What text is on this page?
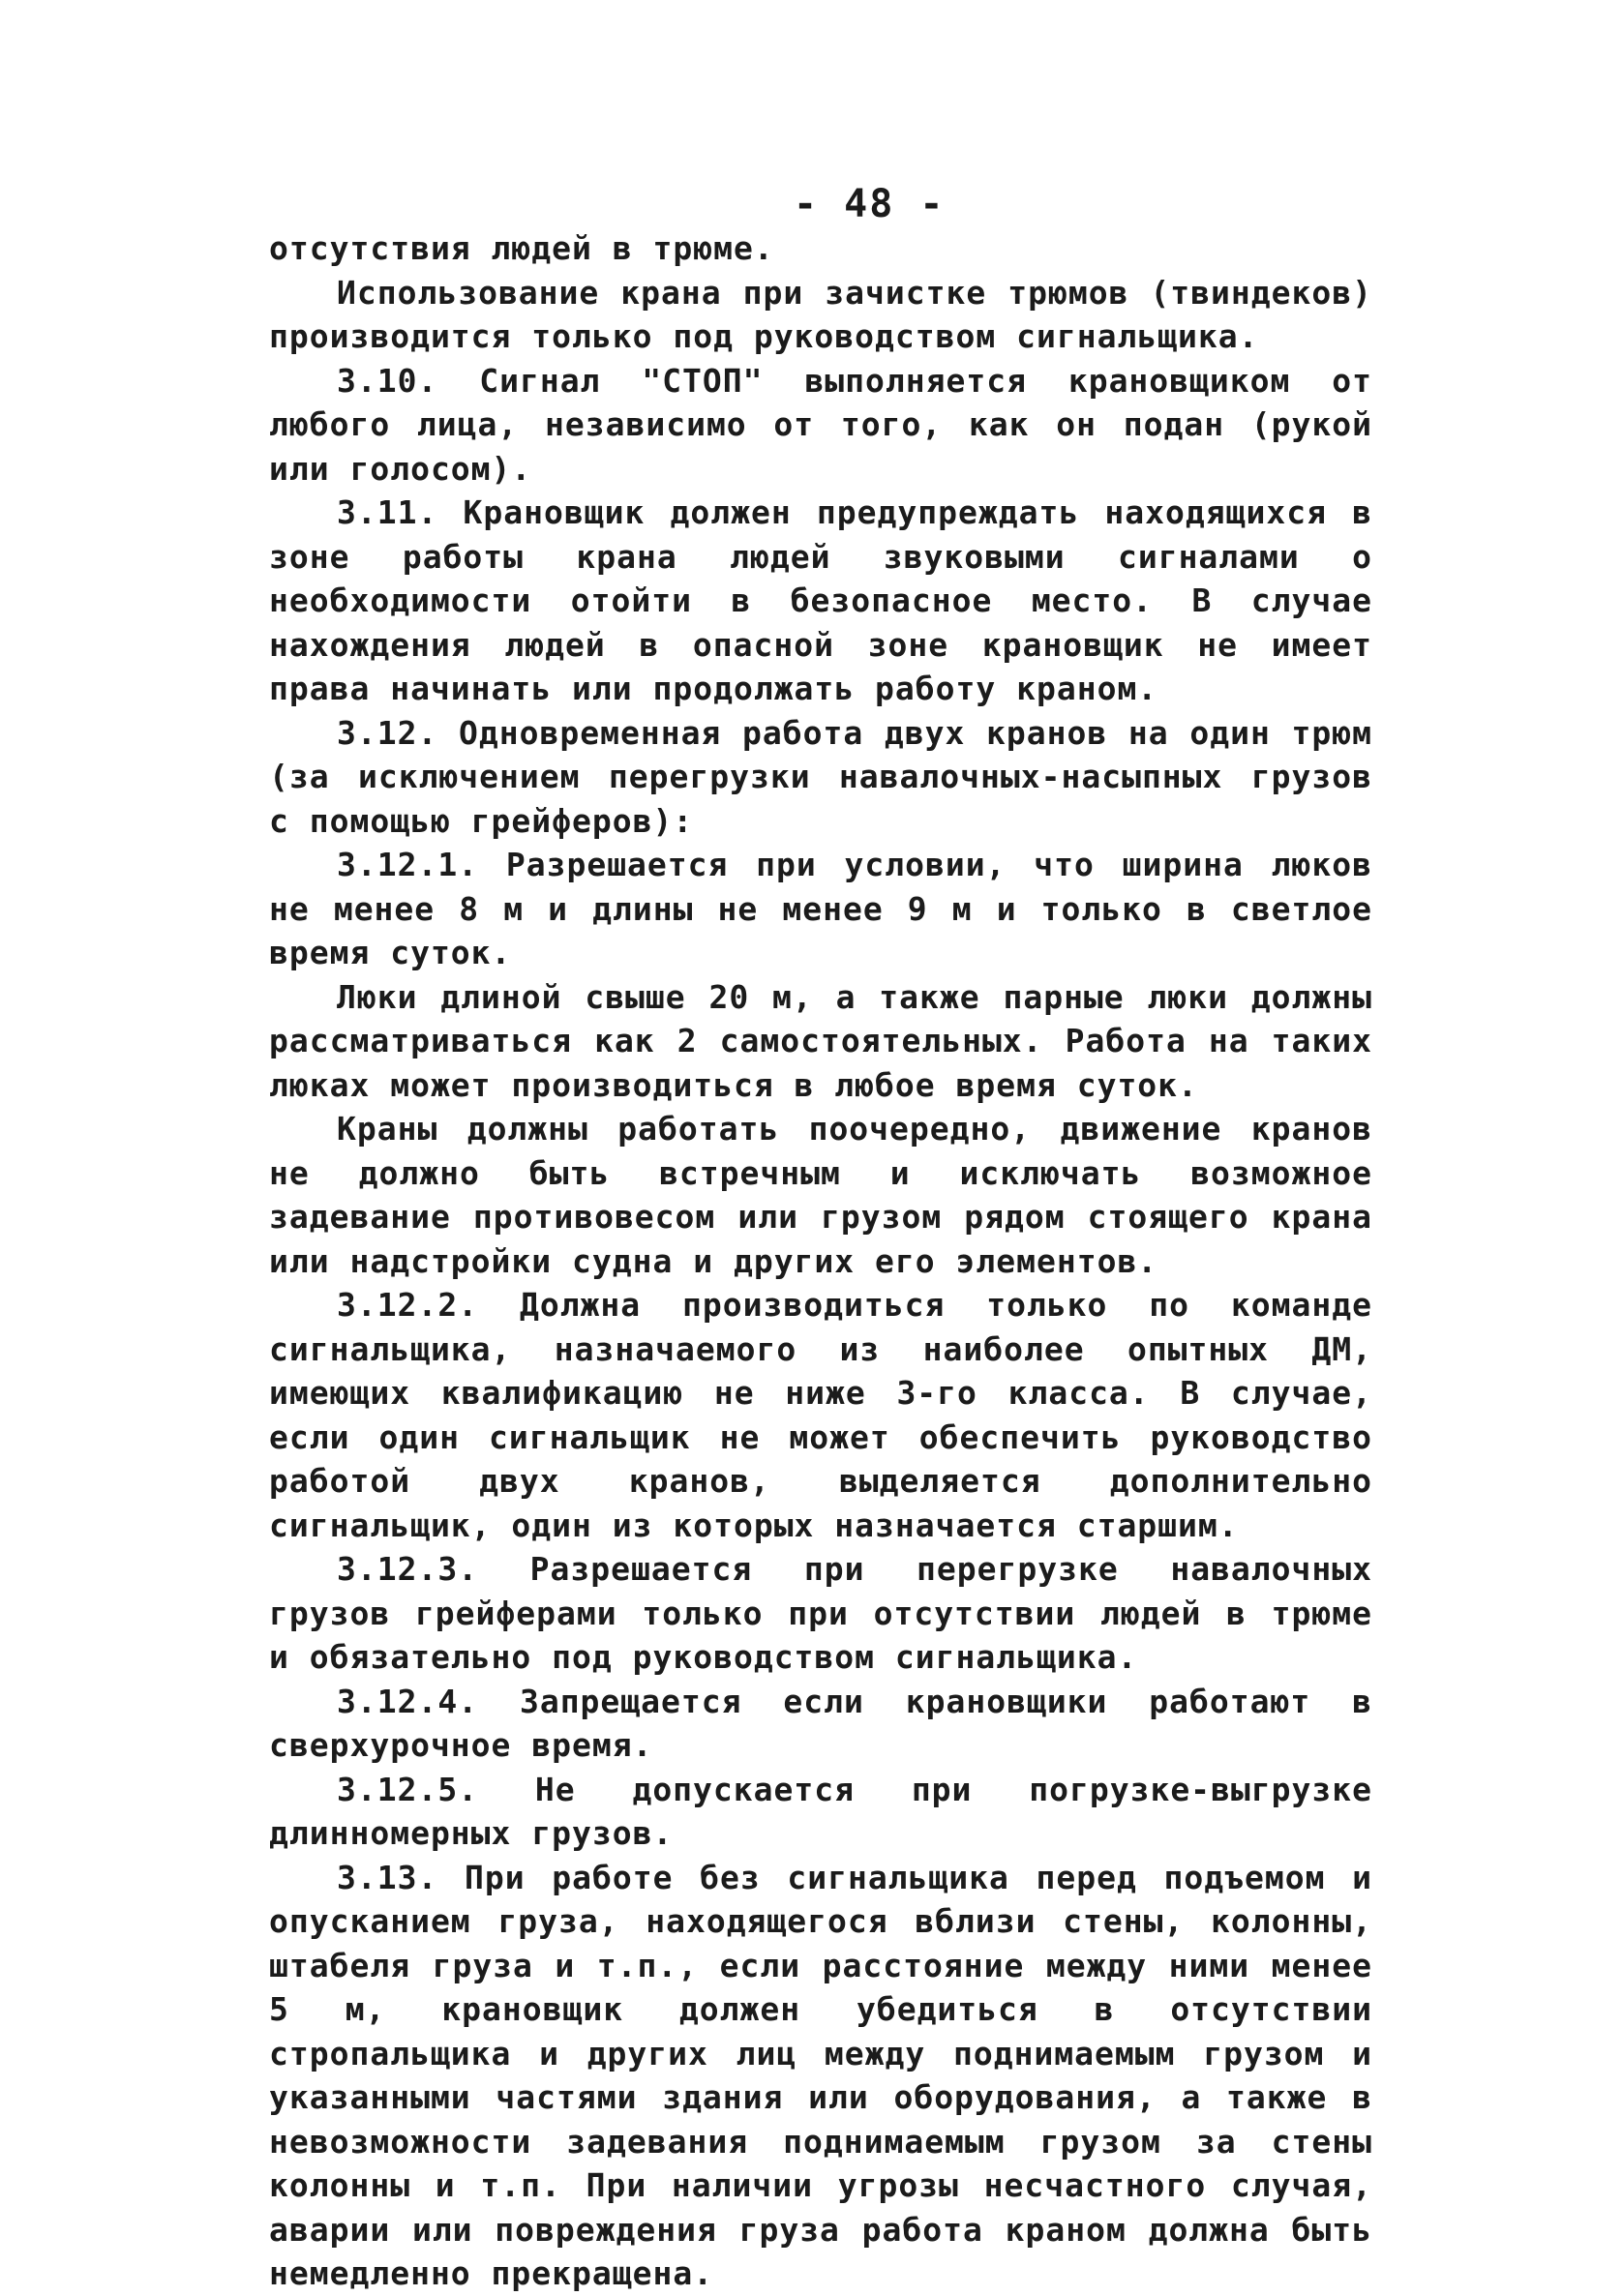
- 48 -

отсутствия людей в трюме.

Использование крана при зачистке трюмов (твиндеков) производится только под руководством сигнальщика.

3.10. Сигнал "СТОП" выполняется крановщиком от любого лица, независимо от того, как он подан (рукой или голосом).

3.11. Крановщик должен предупреждать находящихся в зоне работы крана людей звуковыми сигналами о необходимости отойти в безопасное место. В случае нахождения людей в опасной зоне крановщик не имеет права начинать или продолжать работу краном.

3.12. Одновременная работа двух кранов на один трюм (за исключением перегрузки навалочных-насыпных грузов с помощью грейферов):

3.12.1. Разрешается при условии, что ширина люков не менее 8 м и длины не менее 9 м и только в светлое время суток.

Люки длиной свыше 20 м, а также парные люки должны рассматриваться как 2 самостоятельных. Работа на таких люках может производиться в любое время суток.

Краны должны работать поочередно, движение кранов не должно быть встречным и исключать возможное задевание противовесом или грузом рядом стоящего крана или надстройки судна и других его элементов.

3.12.2. Должна производиться только по команде сигнальщика, назначаемого из наиболее опытных ДМ, имеющих квалификацию не ниже 3-го класса. В случае, если один сигнальщик не может обеспечить руководство работой двух кранов, выделяется дополнительно сигнальщик, один из которых назначается старшим.

3.12.3. Разрешается при перегрузке навалочных грузов грейферами только при отсутствии людей в трюме и обязательно под руководством сигнальщика.

3.12.4. Запрещается если крановщики работают в сверхурочное время.

3.12.5. Не допускается при погрузке-выгрузке длинномерных грузов.

3.13. При работе без сигнальщика перед подъемом и опусканием груза, находящегося вблизи стены, колонны, штабеля груза и т.п., если расстояние между ними менее 5 м, крановщик должен убедиться в отсутствии стропальщика и других лиц между поднимаемым грузом и указанными частями здания или оборудования, а также в невозможности задевания поднимаемым грузом за стены колонны и т.п. При наличии угрозы несчастного случая, аварии или повреждения груза работа краном должна быть немедленно прекращена.
